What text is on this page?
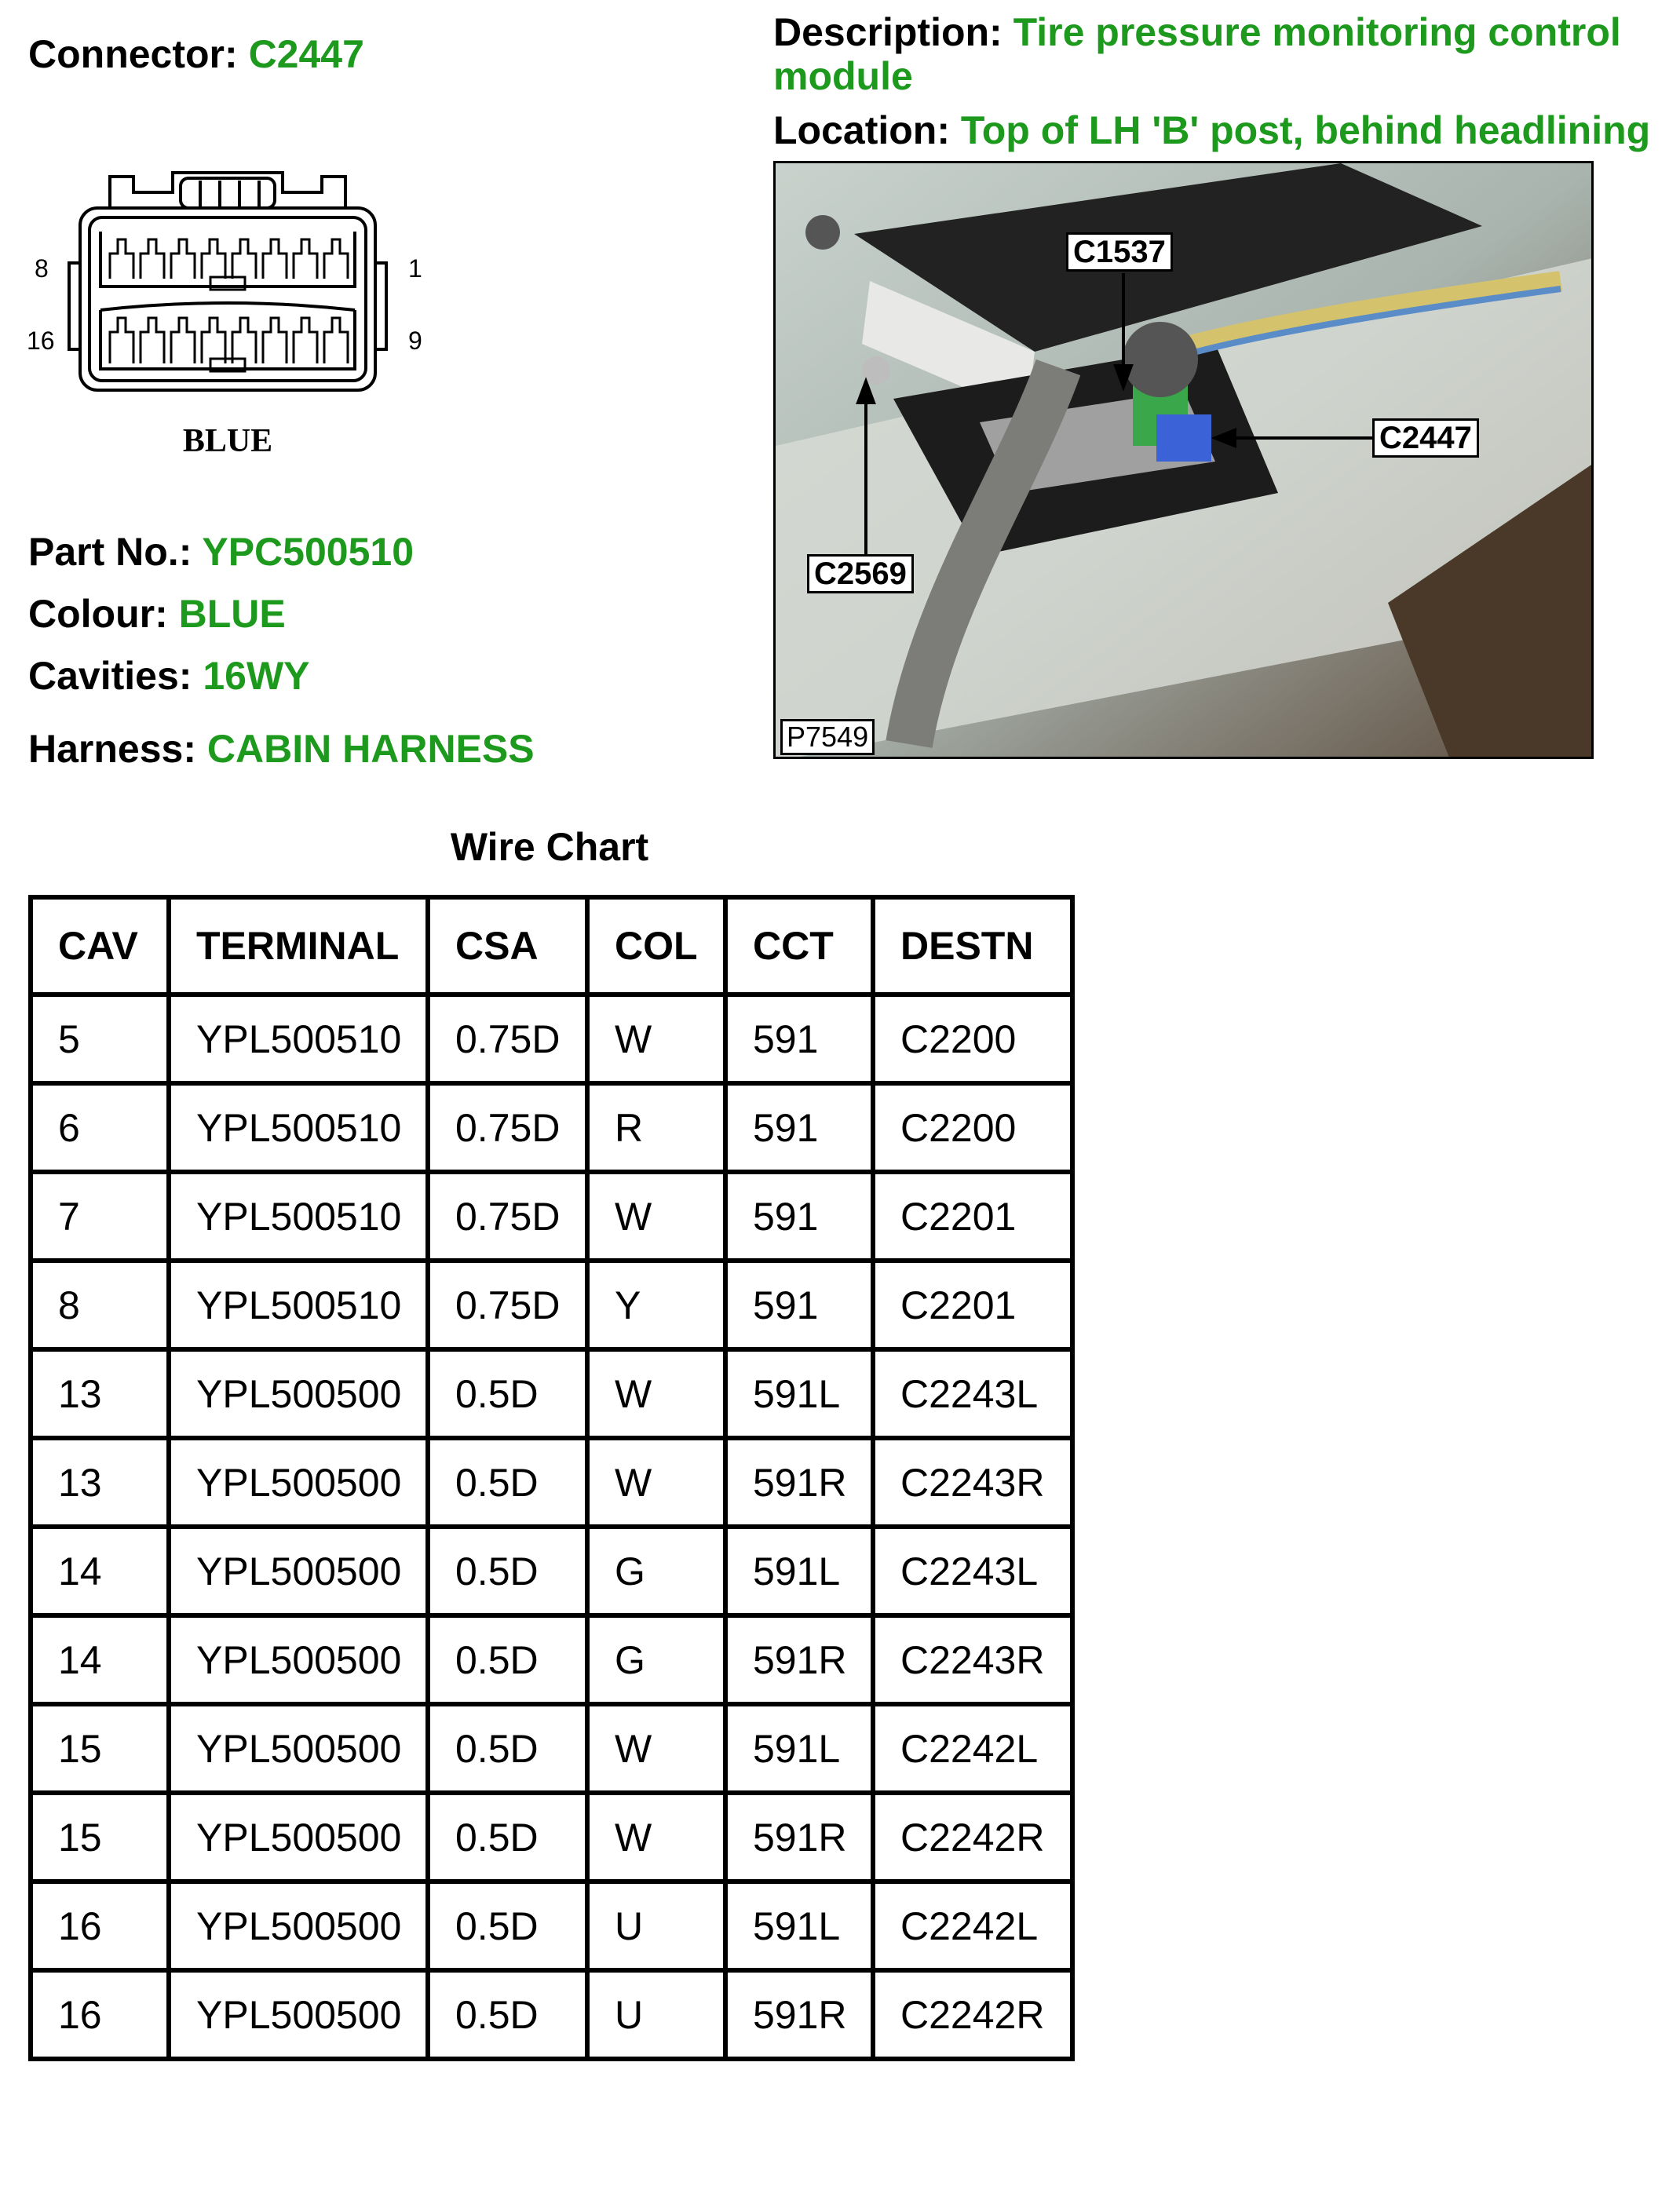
Connector: C2447	Description: Tire pressure monitoring control
module
Location: Top of LH 'B' post, behind headlining
8	1
16	9
BLUE
C1537
C2447
C2569
P7549
Part No.: YPC500510
Colour: BLUE
Cavities: 16WY
Harness: CABIN HARNESS
Wire Chart
CAV	TERMINAL	CSA	COL	CCT	DESTN
5	YPL500510	0.75D	W	591	C2200
6	YPL500510	0.75D	R	591	C2200
7	YPL500510	0.75D	W	591	C2201
8	YPL500510	0.75D	Y	591	C2201
13	YPL500500	0.5D	W	591L	C2243L
13	YPL500500	0.5D	W	591R	C2243R
14	YPL500500	0.5D	G	591L	C2243L
14	YPL500500	0.5D	G	591R	C2243R
15	YPL500500	0.5D	W	591L	C2242L
15	YPL500500	0.5D	W	591R	C2242R
16	YPL500500	0.5D	U	591L	C2242L
16	YPL500500	0.5D	U	591R	C2242R
